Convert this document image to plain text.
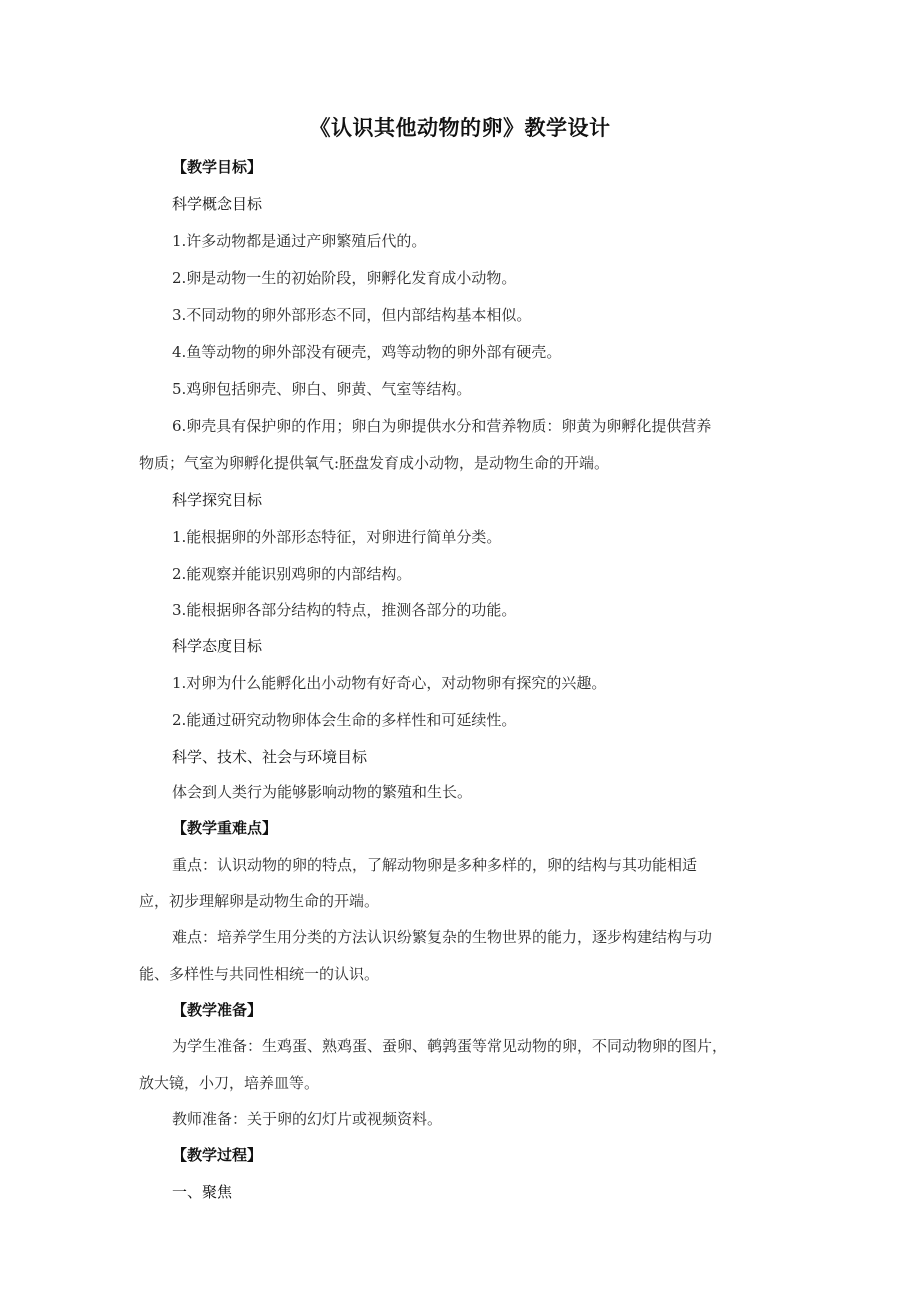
《认识其他动物的卵》教学设计
【教学目标】
科学概念目标
1.许多动物都是通过产卵繁殖后代的。
2.卵是动物一生的初始阶段，卵孵化发育成小动物。
3.不同动物的卵外部形态不同，但内部结构基本相似。
4.鱼等动物的卵外部没有硬壳，鸡等动物的卵外部有硬壳。
5.鸡卵包括卵壳、卵白、卵黄、气室等结构。
6.卵壳具有保护卵的作用；卵白为卵提供水分和营养物质：卵黄为卵孵化提供营养
物质；气室为卵孵化提供氧气:胚盘发育成小动物，是动物生命的开端。
科学探究目标
1.能根据卵的外部形态特征，对卵进行简单分类。
2.能观察并能识别鸡卵的内部结构。
3.能根据卵各部分结构的特点，推测各部分的功能。
科学态度目标
1.对卵为什么能孵化出小动物有好奇心，对动物卵有探究的兴趣。
2.能通过研究动物卵体会生命的多样性和可延续性。
科学、技术、社会与环境目标
体会到人类行为能够影响动物的繁殖和生长。
【教学重难点】
重点：认识动物的卵的特点，了解动物卵是多种多样的，卵的结构与其功能相适
应，初步理解卵是动物生命的开端。
难点：培养学生用分类的方法认识纷繁复杂的生物世界的能力，逐步构建结构与功
能、多样性与共同性相统一的认识。
【教学准备】
为学生准备：生鸡蛋、熟鸡蛋、蚕卵、鹌鹑蛋等常见动物的卵，不同动物卵的图片，
放大镜，小刀，培养皿等。
教师准备：关于卵的幻灯片或视频资料。
【教学过程】
一、聚焦
